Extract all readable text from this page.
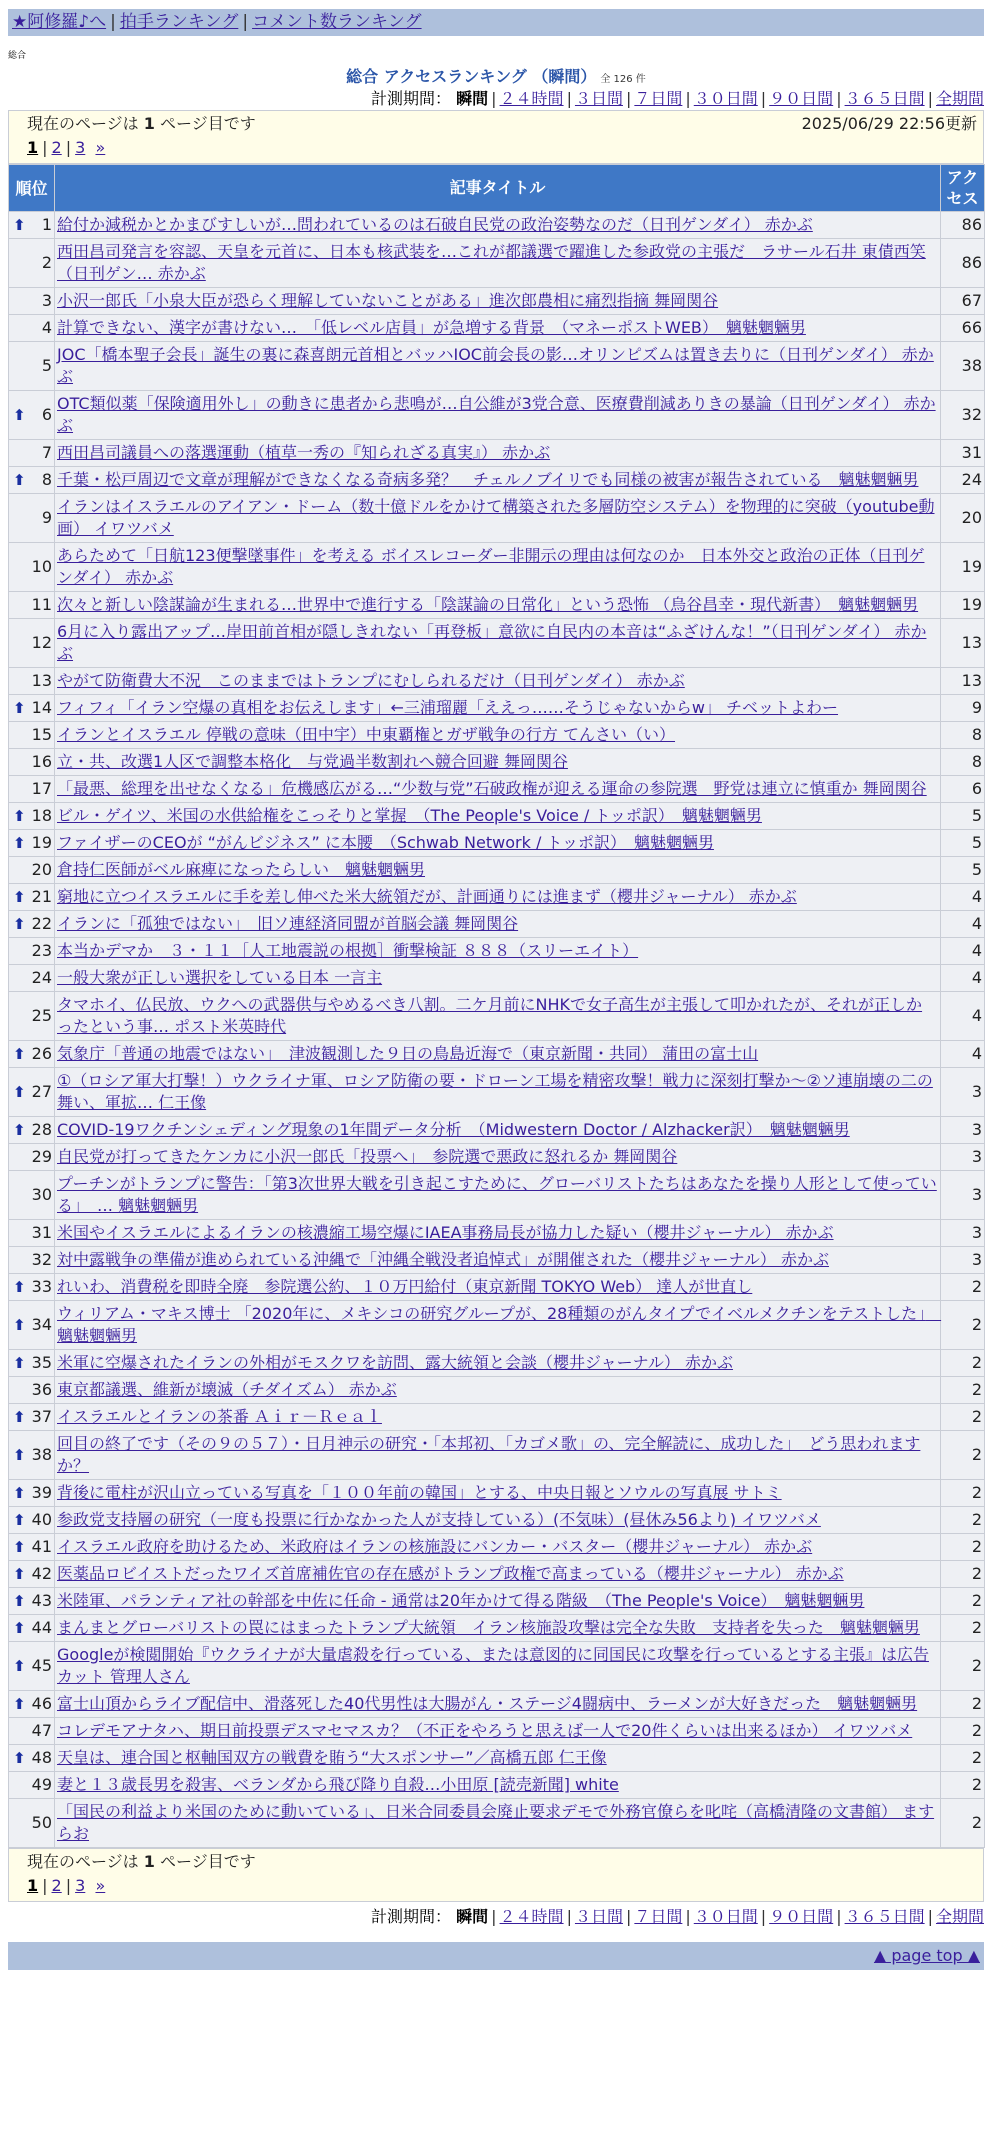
★阿修羅♪へ | 拍手ランキング | コメント数ランキング
総合
総合 アクセスランキング （瞬間） 全 126 件
計測期間： 瞬間 | ２４時間 | ３日間 | ７日間 | ３０日間 | ９０日間 | ３６５日間 | 全期間
現在のページは 1 ページ目です	2025/06/29 22:56更新
1 | 2 | 3 »
順位	記事タイトル	アクセス

⬆ 1	給付か減税かとかまびすしいが…問われているのは石破自民党の政治姿勢なのだ（日刊ゲンダイ） 赤かぶ	86
2	西田昌司発言を容認、天皇を元首に、日本も核武装を…これが都議選で躍進した参政党の主張だ　ラサール石井 東債西笑（日刊ゲン… 赤かぶ	86
3	小沢一郎氏「小泉大臣が恐らく理解していないことがある」進次郎農相に痛烈指摘 舞岡関谷	67
4	計算できない、漢字が書けない…　「低レベル店員」が急増する背景　（マネーポストWEB）　魑魅魍魎男	66
5	JOC「橋本聖子会長」誕生の裏に森喜朗元首相とバッハIOC前会長の影…オリンピズムは置き去りに（日刊ゲンダイ） 赤かぶ	38

⬆ 6	OTC類似薬「保険適用外し」の動きに患者から悲鳴が…自公維が3党合意、医療費削減ありきの暴論（日刊ゲンダイ） 赤かぶ	32
7	西田昌司議員への落選運動（植草一秀の『知られざる真実』） 赤かぶ	31

⬆ 8	千葉・松戸周辺で文章が理解ができなくなる奇病多発？　チェルノブイリでも同様の被害が報告されている　魑魅魍魎男	24
9	イランはイスラエルのアイアン・ドーム（数十億ドルをかけて構築された多層防空システム）を物理的に突破（youtube動画） イワツバメ	20
10	あらためて「日航123便撃墜事件」を考える ボイスレコーダー非開示の理由は何なのか　日本外交と政治の正体（日刊ゲンダイ） 赤かぶ	19
11	次々と新しい陰謀論が生まれる…世界中で進行する「陰謀論の日常化」という恐怖 （烏谷昌幸・現代新書）　魑魅魍魎男	19
12	6月に入り露出アップ…岸田前首相が隠しきれない「再登板」意欲に自民内の本音は“ふざけんな！”（日刊ゲンダイ） 赤かぶ	13
13	やがて防衛費大不況　このままではトランプにむしられるだけ（日刊ゲンダイ） 赤かぶ	13

⬆ 14	フィフィ「イラン空爆の真相をお伝えします」←三浦瑠麗「ええっ……そうじゃないからw」 チベットよわー	9
15	イランとイスラエル 停戦の意味（田中宇）中東覇権とガザ戦争の行方 てんさい（い）	8
16	立・共、改選1人区で調整本格化　与党過半数割れへ競合回避 舞岡関谷	8
17	「最悪、総理を出せなくなる」危機感広がる…“少数与党”石破政権が迎える運命の参院選　野党は連立に慎重か 舞岡関谷	6

⬆ 18	ビル・ゲイツ、米国の水供給権をこっそりと掌握　（The People's Voice / トッポ訳）　魑魅魍魎男	5

⬆ 19	ファイザーのCEOが “がんビジネス” に本腰　（Schwab Network / トッポ訳）　魑魅魍魎男	5
20	倉持仁医師がベル麻痺になったらしい　魑魅魍魎男	5

⬆ 21	窮地に立つイスラエルに手を差し伸べた米大統領だが、計画通りには進まず（櫻井ジャーナル） 赤かぶ	4

⬆ 22	イランに「孤独ではない」　旧ソ連経済同盟が首脳会議 舞岡関谷	4
23	本当かデマか　３・１１［人工地震説の根拠］衝撃検証 ８８８（スリーエイト）	4
24	一般大衆が正しい選択をしている日本 一言主	4
25	タマホイ、仏民放、ウクへの武器供与やめるべき八割。二ケ月前にNHKで女子高生が主張して叩かれたが、それが正しかったという事… ポスト米英時代	4

⬆ 26	気象庁「普通の地震ではない」　津波観測した９日の鳥島近海で（東京新聞・共同） 蒲田の富士山	4

⬆ 27	①（ロシア軍大打撃！）ウクライナ軍、ロシア防衛の要・ドローン工場を精密攻撃！戦力に深刻打撃か～②ソ連崩壊の二の舞い、軍拡… 仁王像	3

⬆ 28	COVID-19ワクチンシェディング現象の1年間データ分析　（Midwestern Doctor / Alzhacker訳）　魑魅魍魎男	3
29	自民党が打ってきたケンカに小沢一郎氏「投票へ」　参院選で悪政に怒れるか 舞岡関谷	3
30	プーチンがトランプに警告：「第3次世界大戦を引き起こすために、グローバリストたちはあなたを操り人形として使っている」　… 魑魅魍魎男	3
31	米国やイスラエルによるイランの核濃縮工場空爆にIAEA事務局長が協力した疑い（櫻井ジャーナル） 赤かぶ	3
32	対中露戦争の準備が進められている沖縄で「沖縄全戦没者追悼式」が開催された（櫻井ジャーナル） 赤かぶ	3

⬆ 33	れいわ、消費税を即時全廃　参院選公約、１０万円給付（東京新聞 TOKYO Web） 達人が世直し	2

⬆ 34	ウィリアム・マキス博士 「2020年に、メキシコの研究グループが、28種類のがんタイプでイベルメクチンをテストした」　魑魅魍魎男	2

⬆ 35	米軍に空爆されたイランの外相がモスクワを訪問、露大統領と会談（櫻井ジャーナル） 赤かぶ	2
36	東京都議選、維新が壊滅（チダイズム） 赤かぶ	2

⬆ 37	イスラエルとイランの茶番 Ａｉｒ－Ｒｅａｌ	2

⬆ 38	回目の終了です（その９の５７）・日月神示の研究・「本邦初、「カゴメ歌」の、完全解読に、成功した」　どう思われますか？	2

⬆ 39	背後に電柱が沢山立っている写真を「１００年前の韓国」とする、中央日報とソウルの写真展 サトミ	2

⬆ 40	参政党支持層の研究（一度も投票に行かなかった人が支持している）(不気味）(昼休み56より) イワツバメ	2

⬆ 41	イスラエル政府を助けるため、米政府はイランの核施設にバンカー・バスター（櫻井ジャーナル） 赤かぶ	2

⬆ 42	医薬品ロビイストだったワイズ首席補佐官の存在感がトランプ政権で高まっている（櫻井ジャーナル） 赤かぶ	2

⬆ 43	米陸軍、パランティア社の幹部を中佐に任命 - 通常は20年かけて得る階級　（The People's Voice）　魑魅魍魎男	2

⬆ 44	まんまとグローバリストの罠にはまったトランプ大統領　イラン核施設攻撃は完全な失敗　支持者を失った　魑魅魍魎男	2

⬆ 45	Googleが検閲開始『ウクライナが大量虐殺を行っている、または意図的に同国民に攻撃を行っているとする主張』は広告カット 管理人さん	2

⬆ 46	富士山頂からライブ配信中、滑落死した40代男性は大腸がん・ステージ4闘病中、ラーメンが大好きだった　魑魅魍魎男	2
47	コレデモアナタハ、期日前投票デスマセマスカ？（不正をやろうと思えば一人で20件くらいは出来るほか） イワツバメ	2

⬆ 48	天皇は、連合国と枢軸国双方の戦費を賄う“大スポンサー”／高橋五郎 仁王像	2
49	妻と１３歳長男を殺害、ベランダから飛び降り自殺…小田原 [読売新聞] white	2
50	「国民の利益より米国のために動いている」、日米合同委員会廃止要求デモで外務官僚らを叱咤（高橋清隆の文書館） ますらお	2
現在のページは 1 ページ目です
1 | 2 | 3 »
計測期間： 瞬間 | ２４時間 | ３日間 | ７日間 | ３０日間 | ９０日間 | ３６５日間 | 全期間
▲ page top ▲
